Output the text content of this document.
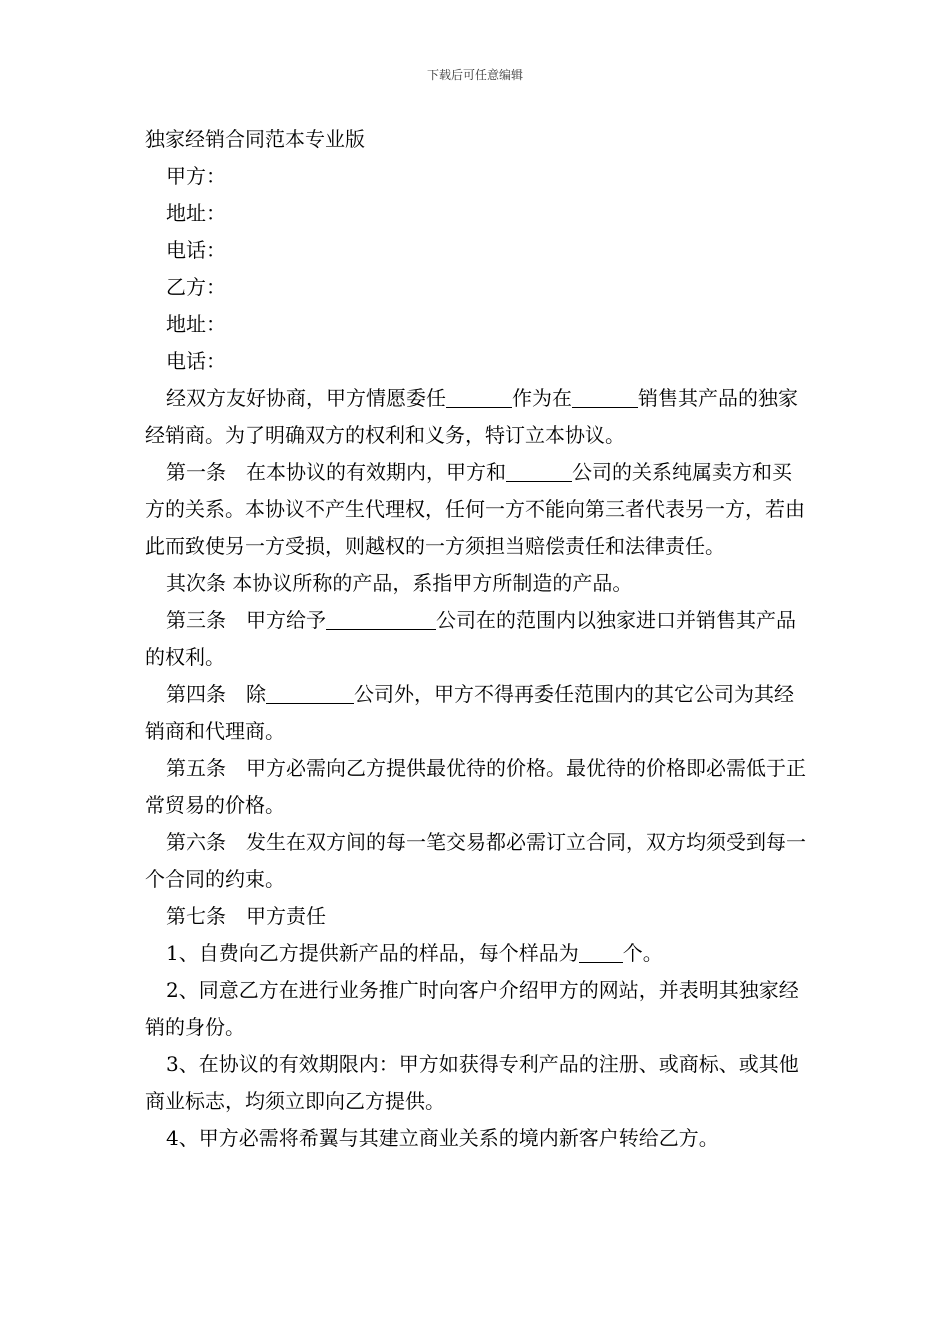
下载后可任意编辑

独家经销合同范本专业版

甲方：

地址：

电话：

乙方：

地址：

电话：

经双方友好协商，甲方情愿委任	作为在	销售其产品的独家经销商。为了明确双方的权利和义务，特订立本协议。

第一条　在本协议的有效期内，甲方和	公司的关系纯属卖方和买方的关系。本协议不产生代理权，任何一方不能向第三者代表另一方，若由此而致使另一方受损，则越权的一方须担当赔偿责任和法律责任。

其次条 本协议所称的产品，系指甲方所制造的产品。

第三条　甲方给予	公司在的范围内以独家进口并销售其产品的权利。

第四条　除	公司外，甲方不得再委任范围内的其它公司为其经销商和代理商。

第五条　甲方必需向乙方提供最优待的价格。最优待的价格即必需低于正常贸易的价格。

第六条　发生在双方间的每一笔交易都必需订立合同，双方均须受到每一个合同的约束。

第七条　甲方责任

1、自费向乙方提供新产品的样品，每个样品为 个。

2、同意乙方在进行业务推广时向客户介绍甲方的网站，并表明其独家经销的身份。

3、在协议的有效期限内：甲方如获得专利产品的注册、或商标、或其他商业标志，均须立即向乙方提供。

4、甲方必需将希翼与其建立商业关系的境内新客户转给乙方。
